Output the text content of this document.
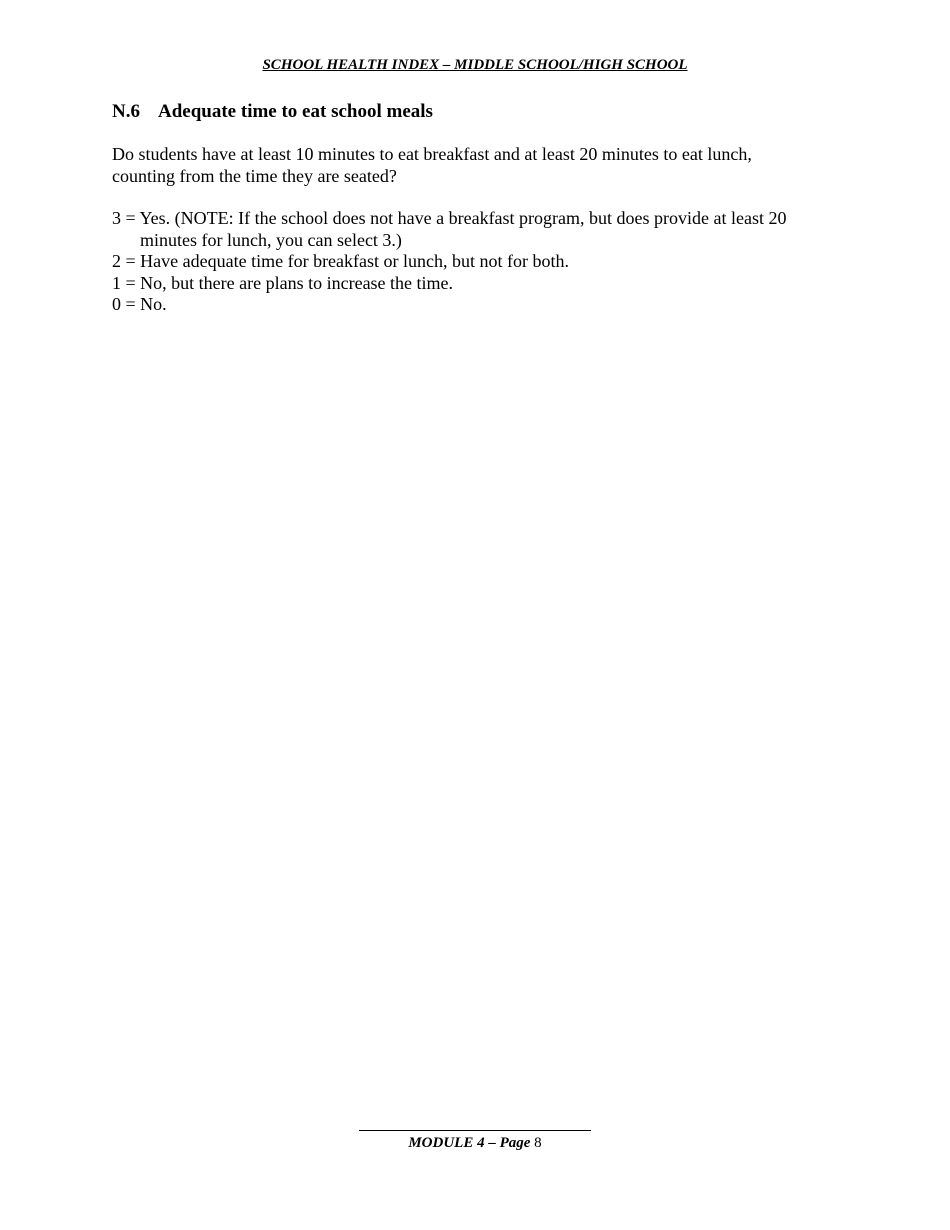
SCHOOL HEALTH INDEX – MIDDLE SCHOOL/HIGH SCHOOL
N.6 Adequate time to eat school meals
Do students have at least 10 minutes to eat breakfast and at least 20 minutes to eat lunch, counting from the time they are seated?
3 = Yes. (NOTE: If the school does not have a breakfast program, but does provide at least 20 minutes for lunch, you can select 3.)
2 = Have adequate time for breakfast or lunch, but not for both.
1 = No, but there are plans to increase the time.
0 = No.
MODULE 4 – Page 8
